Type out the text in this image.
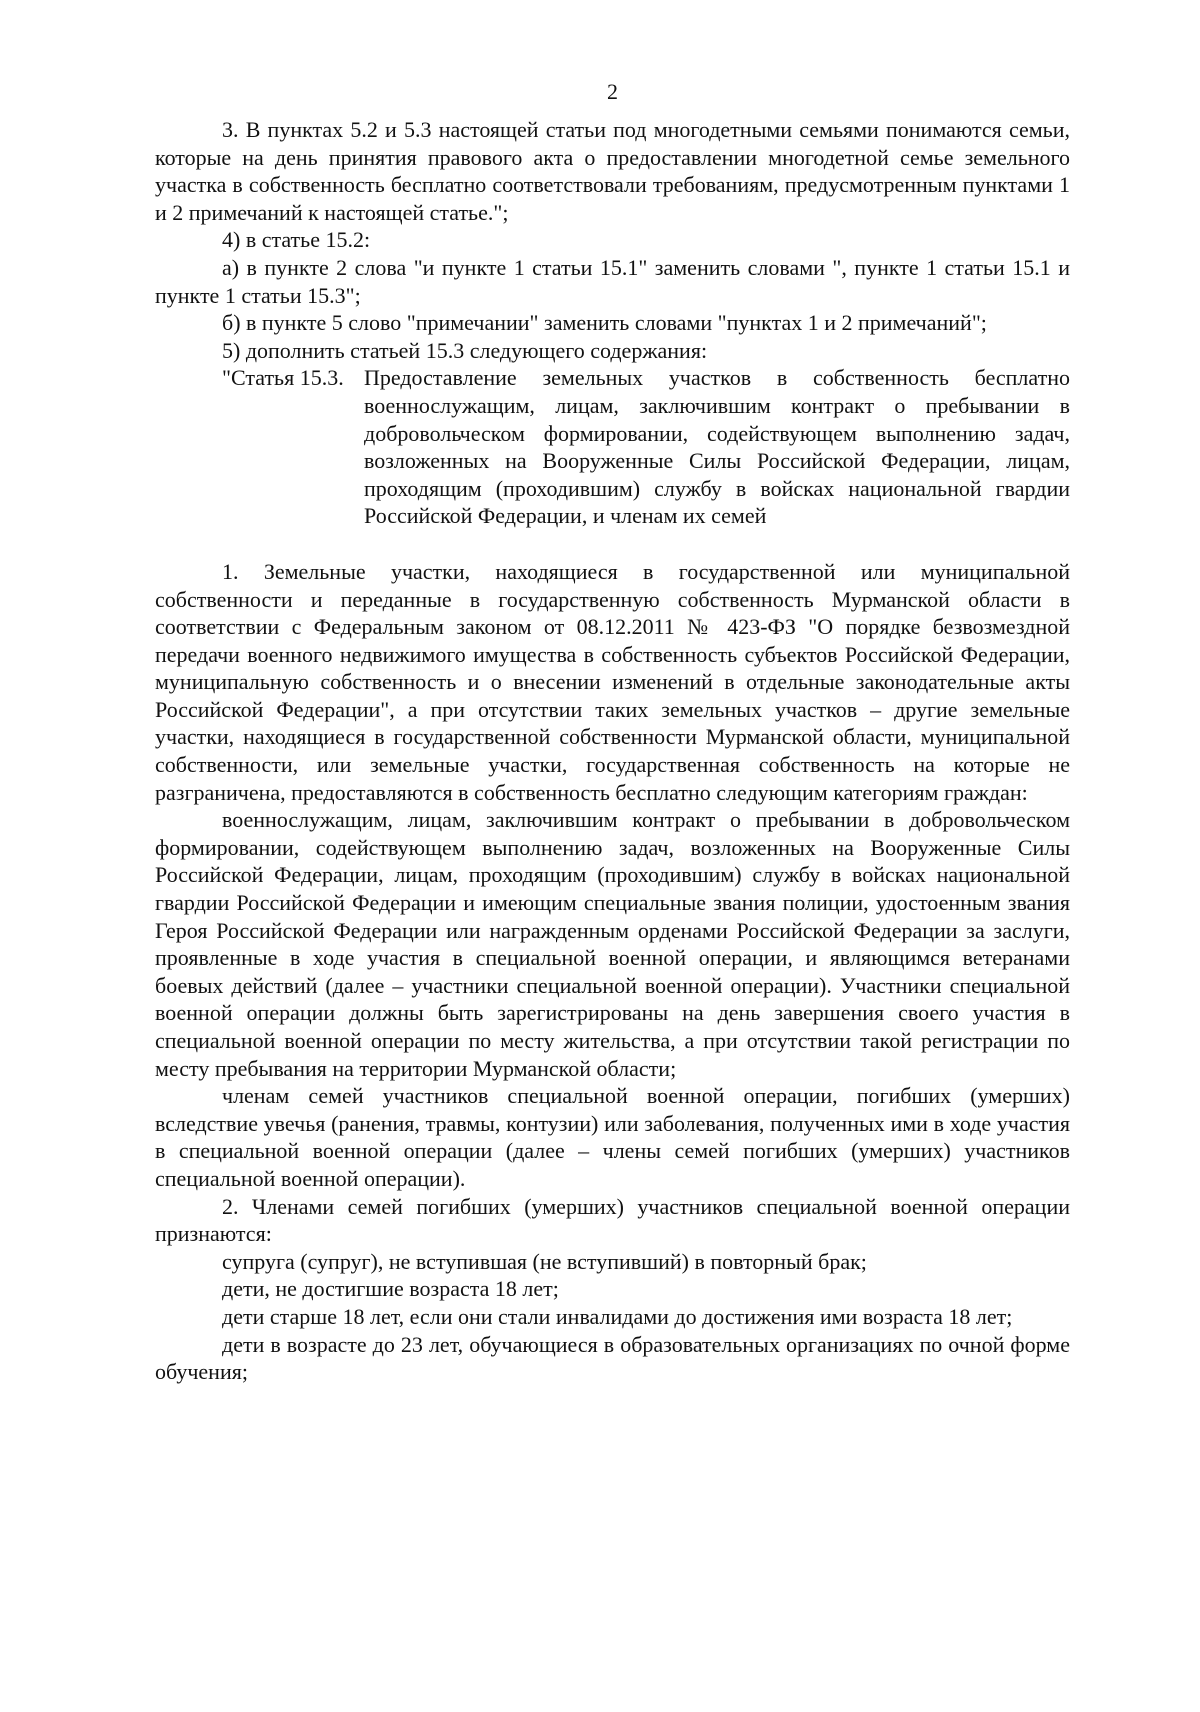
2

3. В пунктах 5.2 и 5.3 настоящей статьи под многодетными семьями понимаются семьи, которые на день принятия правового акта о предоставлении многодетной семье земельного участка в собственность бесплатно соответствовали требованиям, предусмотренным пунктами 1 и 2 примечаний к настоящей статье.";

4) в статье 15.2:

а) в пункте 2 слова "и пункте 1 статьи 15.1" заменить словами ", пункте 1 статьи 15.1 и пункте 1 статьи 15.3";

б) в пункте 5 слово "примечании" заменить словами "пунктах 1 и 2 примечаний";

5) дополнить статьей 15.3 следующего содержания:

"Статья 15.3. Предоставление земельных участков в собственность бесплатно военнослужащим, лицам, заключившим контракт о пребывании в добровольческом формировании, содействующем выполнению задач, возложенных на Вооруженные Силы Российской Федерации, лицам, проходящим (проходившим) службу в войсках национальной гвардии Российской Федерации, и членам их семей

1. Земельные участки, находящиеся в государственной или муниципальной собственности и переданные в государственную собственность Мурманской области в соответствии с Федеральным законом от 08.12.2011 № 423-ФЗ "О порядке безвозмездной передачи военного недвижимого имущества в собственность субъектов Российской Федерации, муниципальную собственность и о внесении изменений в отдельные законодательные акты Российской Федерации", а при отсутствии таких земельных участков – другие земельные участки, находящиеся в государственной собственности Мурманской области, муниципальной собственности, или земельные участки, государственная собственность на которые не разграничена, предоставляются в собственность бесплатно следующим категориям граждан:

военнослужащим, лицам, заключившим контракт о пребывании в добровольческом формировании, содействующем выполнению задач, возложенных на Вооруженные Силы Российской Федерации, лицам, проходящим (проходившим) службу в войсках национальной гвардии Российской Федерации и имеющим специальные звания полиции, удостоенным звания Героя Российской Федерации или награжденным орденами Российской Федерации за заслуги, проявленные в ходе участия в специальной военной операции, и являющимся ветеранами боевых действий (далее – участники специальной военной операции). Участники специальной военной операции должны быть зарегистрированы на день завершения своего участия в специальной военной операции по месту жительства, а при отсутствии такой регистрации по месту пребывания на территории Мурманской области;

членам семей участников специальной военной операции, погибших (умерших) вследствие увечья (ранения, травмы, контузии) или заболевания, полученных ими в ходе участия в специальной военной операции (далее – члены семей погибших (умерших) участников специальной военной операции).

2. Членами семей погибших (умерших) участников специальной военной операции признаются:

супруга (супруг), не вступившая (не вступивший) в повторный брак;

дети, не достигшие возраста 18 лет;

дети старше 18 лет, если они стали инвалидами до достижения ими возраста 18 лет;

дети в возрасте до 23 лет, обучающиеся в образовательных организациях по очной форме обучения;
